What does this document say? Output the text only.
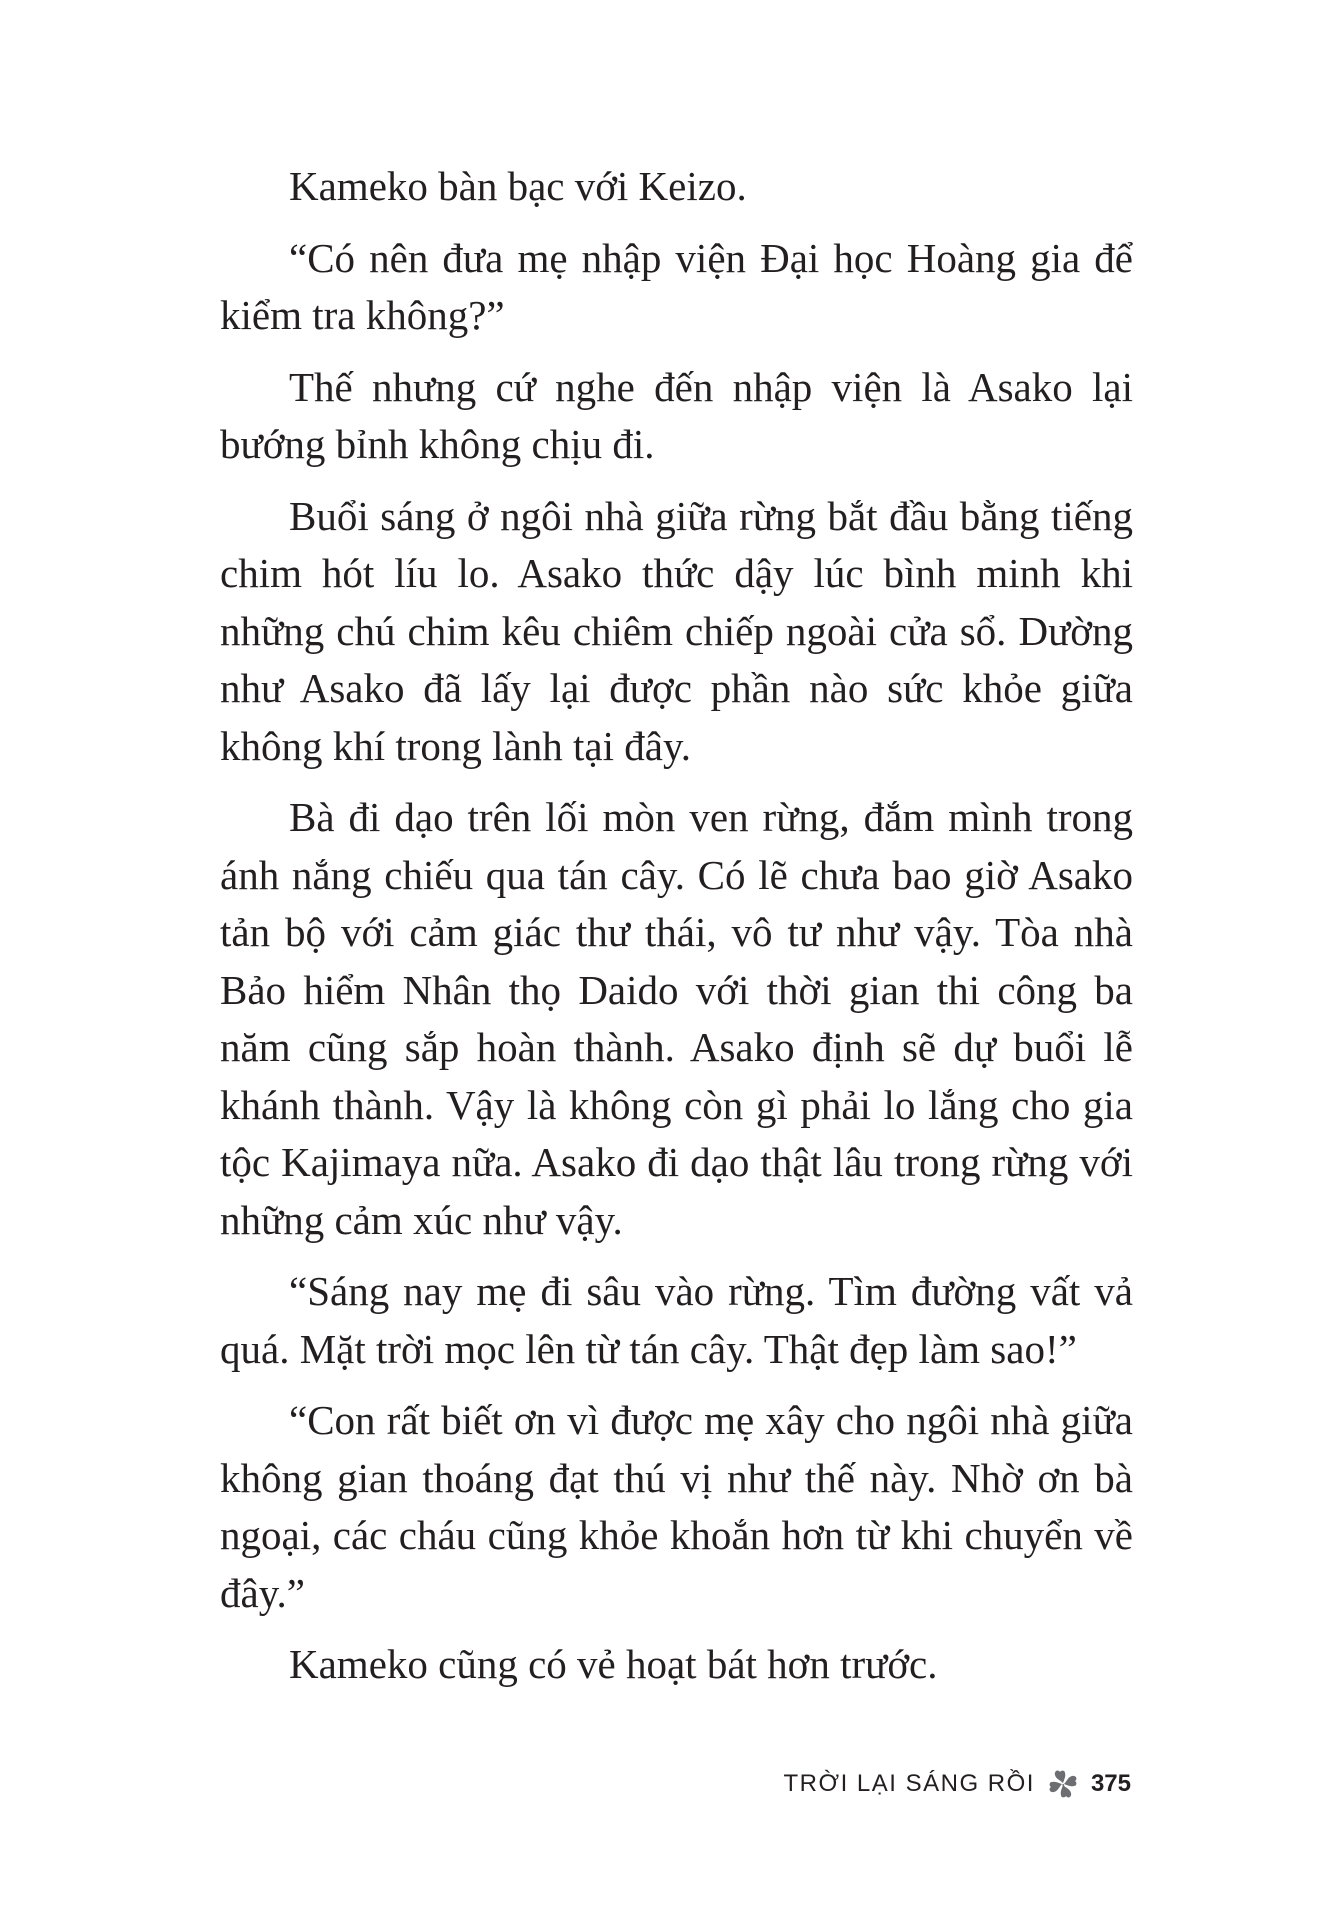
Kameko bàn bạc với Keizo.

“Có nên đưa mẹ nhập viện Đại học Hoàng gia để kiểm tra không?”

Thế nhưng cứ nghe đến nhập viện là Asako lại bướng bỉnh không chịu đi.

Buổi sáng ở ngôi nhà giữa rừng bắt đầu bằng tiếng chim hót líu lo. Asako thức dậy lúc bình minh khi những chú chim kêu chiêm chiếp ngoài cửa sổ. Dường như Asako đã lấy lại được phần nào sức khỏe giữa không khí trong lành tại đây.

Bà đi dạo trên lối mòn ven rừng, đắm mình trong ánh nắng chiếu qua tán cây. Có lẽ chưa bao giờ Asako tản bộ với cảm giác thư thái, vô tư như vậy. Tòa nhà Bảo hiểm Nhân thọ Daido với thời gian thi công ba năm cũng sắp hoàn thành. Asako định sẽ dự buổi lễ khánh thành. Vậy là không còn gì phải lo lắng cho gia tộc Kajimaya nữa. Asako đi dạo thật lâu trong rừng với những cảm xúc như vậy.

“Sáng nay mẹ đi sâu vào rừng. Tìm đường vất vả quá. Mặt trời mọc lên từ tán cây. Thật đẹp làm sao!”

“Con rất biết ơn vì được mẹ xây cho ngôi nhà giữa không gian thoáng đạt thú vị như thế này. Nhờ ơn bà ngoại, các cháu cũng khỏe khoắn hơn từ khi chuyển về đây.”

Kameko cũng có vẻ hoạt bát hơn trước.

TRỜI LẠI SÁNG RỒI 375
